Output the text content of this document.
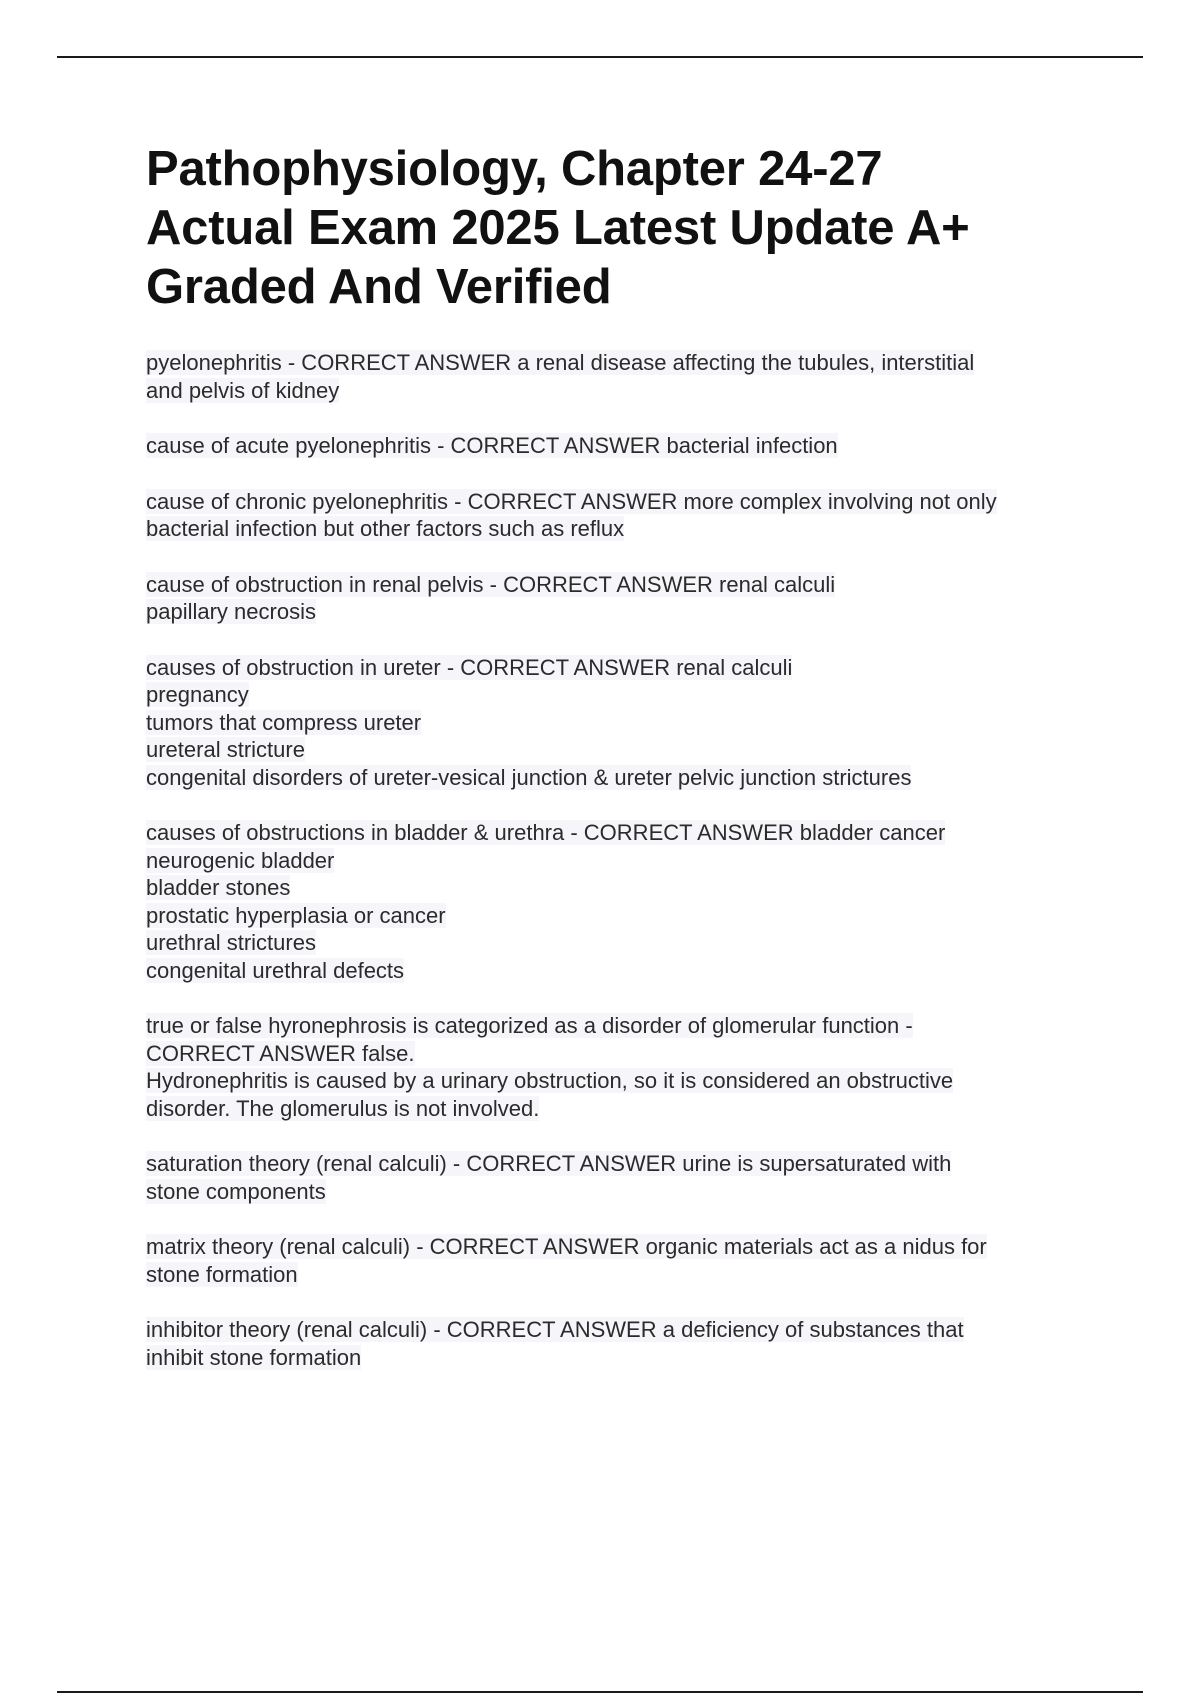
Pathophysiology, Chapter 24-27
Actual Exam 2025 Latest Update A+
Graded And Verified
pyelonephritis - CORRECT ANSWER a renal disease affecting the tubules, interstitial
and pelvis of kidney
cause of acute pyelonephritis - CORRECT ANSWER bacterial infection
cause of chronic pyelonephritis - CORRECT ANSWER more complex involving not only
bacterial infection but other factors such as reflux
cause of obstruction in renal pelvis - CORRECT ANSWER renal calculi
papillary necrosis
causes of obstruction in ureter - CORRECT ANSWER renal calculi
pregnancy
tumors that compress ureter
ureteral stricture
congenital disorders of ureter-vesical junction & ureter pelvic junction strictures
causes of obstructions in bladder & urethra - CORRECT ANSWER bladder cancer
neurogenic bladder
bladder stones
prostatic hyperplasia or cancer
urethral strictures
congenital urethral defects
true or false hyronephrosis is categorized as a disorder of glomerular function -
CORRECT ANSWER false.
Hydronephritis is caused by a urinary obstruction, so it is considered an obstructive
disorder. The glomerulus is not involved.
saturation theory (renal calculi) - CORRECT ANSWER urine is supersaturated with
stone components
matrix theory (renal calculi) - CORRECT ANSWER organic materials act as a nidus for
stone formation
inhibitor theory (renal calculi) - CORRECT ANSWER a deficiency of substances that
inhibit stone formation
